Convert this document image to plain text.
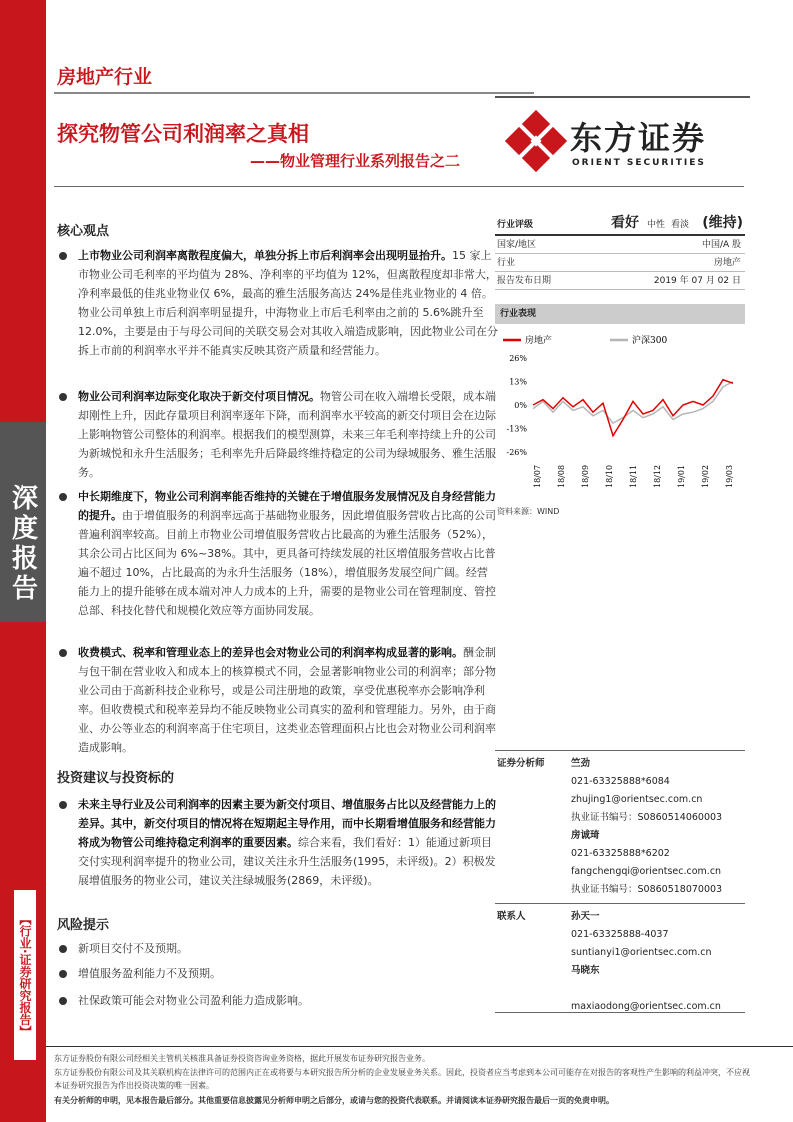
深度报告
【行业·证券研究报告】
房地产行业
探究物管公司利润率之真相
——物业管理行业系列报告之二
东方证券
ORIENT SECURITIES
核心观点
上市物业公司利润率离散程度偏大，单独分拆上市后利润率会出现明显抬升。15 家上市物业公司毛利率的平均值为 28%、净利率的平均值为 12%，但离散程度却非常大，净利率最低的佳兆业物业仅 6%，最高的雅生活服务高达 24%是佳兆业物业的 4 倍。物业公司单独上市后利润率明显提升，中海物业上市后毛利率由之前的 5.6%跳升至 12.0%，主要是由于与母公司间的关联交易会对其收入端造成影响，因此物业公司在分拆上市前的利润率水平并不能真实反映其资产质量和经营能力。
物业公司利润率边际变化取决于新交付项目情况。物管公司在收入端增长受限，成本端却刚性上升，因此存量项目利润率逐年下降，而利润率水平较高的新交付项目会在边际上影响物管公司整体的利润率。根据我们的模型测算，未来三年毛利率持续上升的公司为新城悦和永升生活服务；毛利率先升后降最终维持稳定的公司为绿城服务、雅生活服务。
中长期维度下，物业公司利润率能否维持的关键在于增值服务发展情况及自身经营能力的提升。由于增值服务的利润率远高于基础物业服务，因此增值服务营收占比高的公司普遍利润率较高。目前上市物业公司增值服务营收占比最高的为雅生活服务（52%），其余公司占比区间为 6%~38%。其中，更具备可持续发展的社区增值服务营收占比普遍不超过 10%，占比最高的为永升生活服务（18%），增值服务发展空间广阔。经营能力上的提升能够在成本端对冲人力成本的上升，需要的是物业公司在管理制度、管控总部、科技化替代和规模化效应等方面协同发展。
收费模式、税率和管理业态上的差异也会对物业公司的利润率构成显著的影响。酬金制与包干制在营业收入和成本上的核算模式不同，会显著影响物业公司的利润率；部分物业公司由于高新科技企业称号，或是公司注册地的政策，享受优惠税率亦会影响净利率。但收费模式和税率差异均不能反映物业公司真实的盈利和管理能力。另外，由于商业、办公等业态的利润率高于住宅项目，这类业态管理面积占比也会对物业公司利润率造成影响。
投资建议与投资标的
未来主导行业及公司利润率的因素主要为新交付项目、增值服务占比以及经营能力上的差异。其中，新交付项目的情况将在短期起主导作用，而中长期看增值服务和经营能力将成为物管公司维持稳定利润率的重要因素。综合来看，我们看好：1）能通过新项目交付实现利润率提升的物业公司，建议关注永升生活服务(1995，未评级)。2）积极发展增值服务的物业公司，建议关注绿城服务(2869，未评级)。
风险提示
新项目交付不及预期。
增值服务盈利能力不及预期。
社保政策可能会对物业公司盈利能力造成影响。
行业评级	看好 中性 看淡 (维持)
国家/地区	中国/A 股
行业	房地产
报告发布日期	2019 年 07 月 02 日
行业表现
房地产	沪深300
26%
13%
0%
-13%
-26%
18/07 18/08 18/09 18/10 18/11 18/12 19/01 19/02 19/03
资料来源：WIND
证券分析师	竺劲
021-63325888*6084
zhujing1@orientsec.com.cn
执业证书编号：S0860514060003
房诚琦
021-63325888*6202
fangchengqi@orientsec.com.cn
执业证书编号：S0860518070003
联系人	孙天一
021-63325888-4037
suntianyi1@orientsec.com.cn
马晓东
maxiaodong@orientsec.com.cn
东方证券股份有限公司经相关主管机关核准具备证券投资咨询业务资格，据此开展发布证券研究报告业务。
东方证券股份有限公司及其关联机构在法律许可的范围内正在或将要与本研究报告所分析的企业发展业务关系。因此，投资者应当考虑到本公司可能存在对报告的客观性产生影响的利益冲突，不应视本证券研究报告为作出投资决策的唯一因素。
有关分析师的申明，见本报告最后部分。其他重要信息披露见分析师申明之后部分，或请与您的投资代表联系。并请阅读本证券研究报告最后一页的免责申明。
